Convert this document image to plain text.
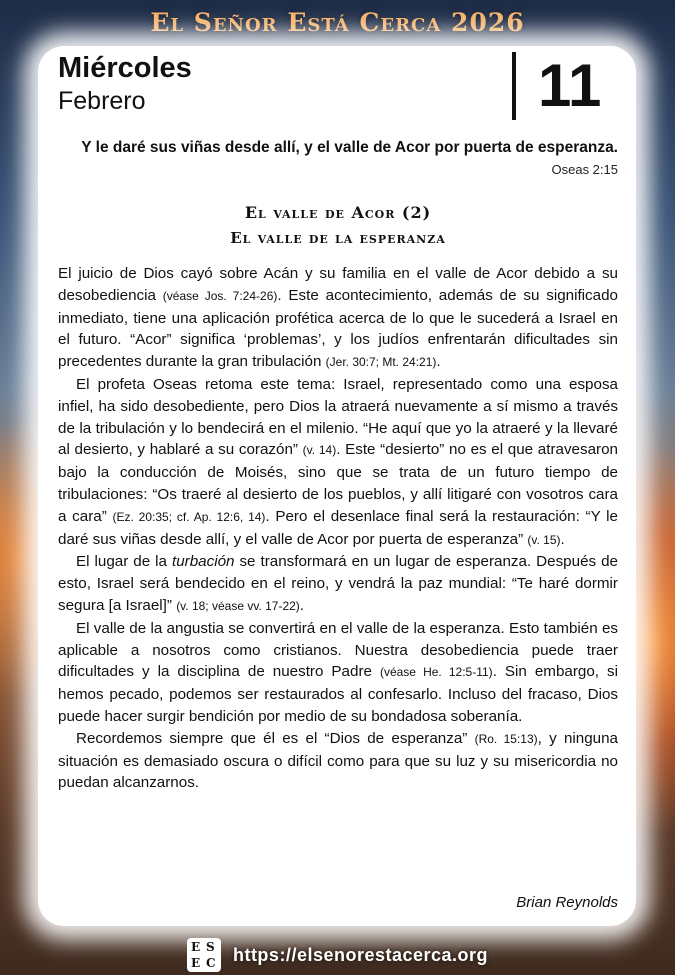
El Señor Está Cerca 2026
Miércoles
Febrero	11
Y le daré sus viñas desde allí, y el valle de Acor por puerta de esperanza.
Oseas 2:15
El valle de Acor (2)
El valle de la esperanza

El juicio de Dios cayó sobre Acán y su familia en el valle de Acor debido a su desobediencia (véase Jos. 7:24-26). Este acontecimiento, además de su significado inmediato, tiene una aplicación profética acerca de lo que le sucederá a Israel en el futuro. “Acor” significa ‘problemas’, y los judíos enfrentarán dificultades sin precedentes durante la gran tribulación (Jer. 30:7; Mt. 24:21).

El profeta Oseas retoma este tema: Israel, representado como una esposa infiel, ha sido desobediente, pero Dios la atraerá nuevamente a sí mismo a través de la tribulación y lo bendecirá en el milenio. “He aquí que yo la atraeré y la llevaré al desierto, y hablaré a su corazón” (v. 14). Este “desierto” no es el que atravesaron bajo la conducción de Moisés, sino que se trata de un futuro tiempo de tribulaciones: “Os traeré al desierto de los pueblos, y allí litigaré con vosotros cara a cara” (Ez. 20:35; cf. Ap. 12:6, 14). Pero el desenlace final será la restauración: “Y le daré sus viñas desde allí, y el valle de Acor por puerta de esperanza” (v. 15).

El lugar de la turbación se transformará en un lugar de esperanza. Después de esto, Israel será bendecido en el reino, y vendrá la paz mundial: “Te haré dormir segura [a Israel]” (v. 18; véase vv. 17-22).

El valle de la angustia se convertirá en el valle de la esperanza. Esto también es aplicable a nosotros como cristianos. Nuestra desobediencia puede traer dificultades y la disciplina de nuestro Padre (véase He. 12:5-11). Sin embargo, si hemos pecado, podemos ser restaurados al confesarlo. Incluso del fracaso, Dios puede hacer surgir bendición por medio de su bondadosa soberanía.

Recordemos siempre que él es el “Dios de esperanza” (Ro. 15:13), y ninguna situación es demasiado oscura o difícil como para que su luz y su misericordia no puedan alcanzarnos.

Brian Reynolds
E S
E C https://elsenorestacerca.org
